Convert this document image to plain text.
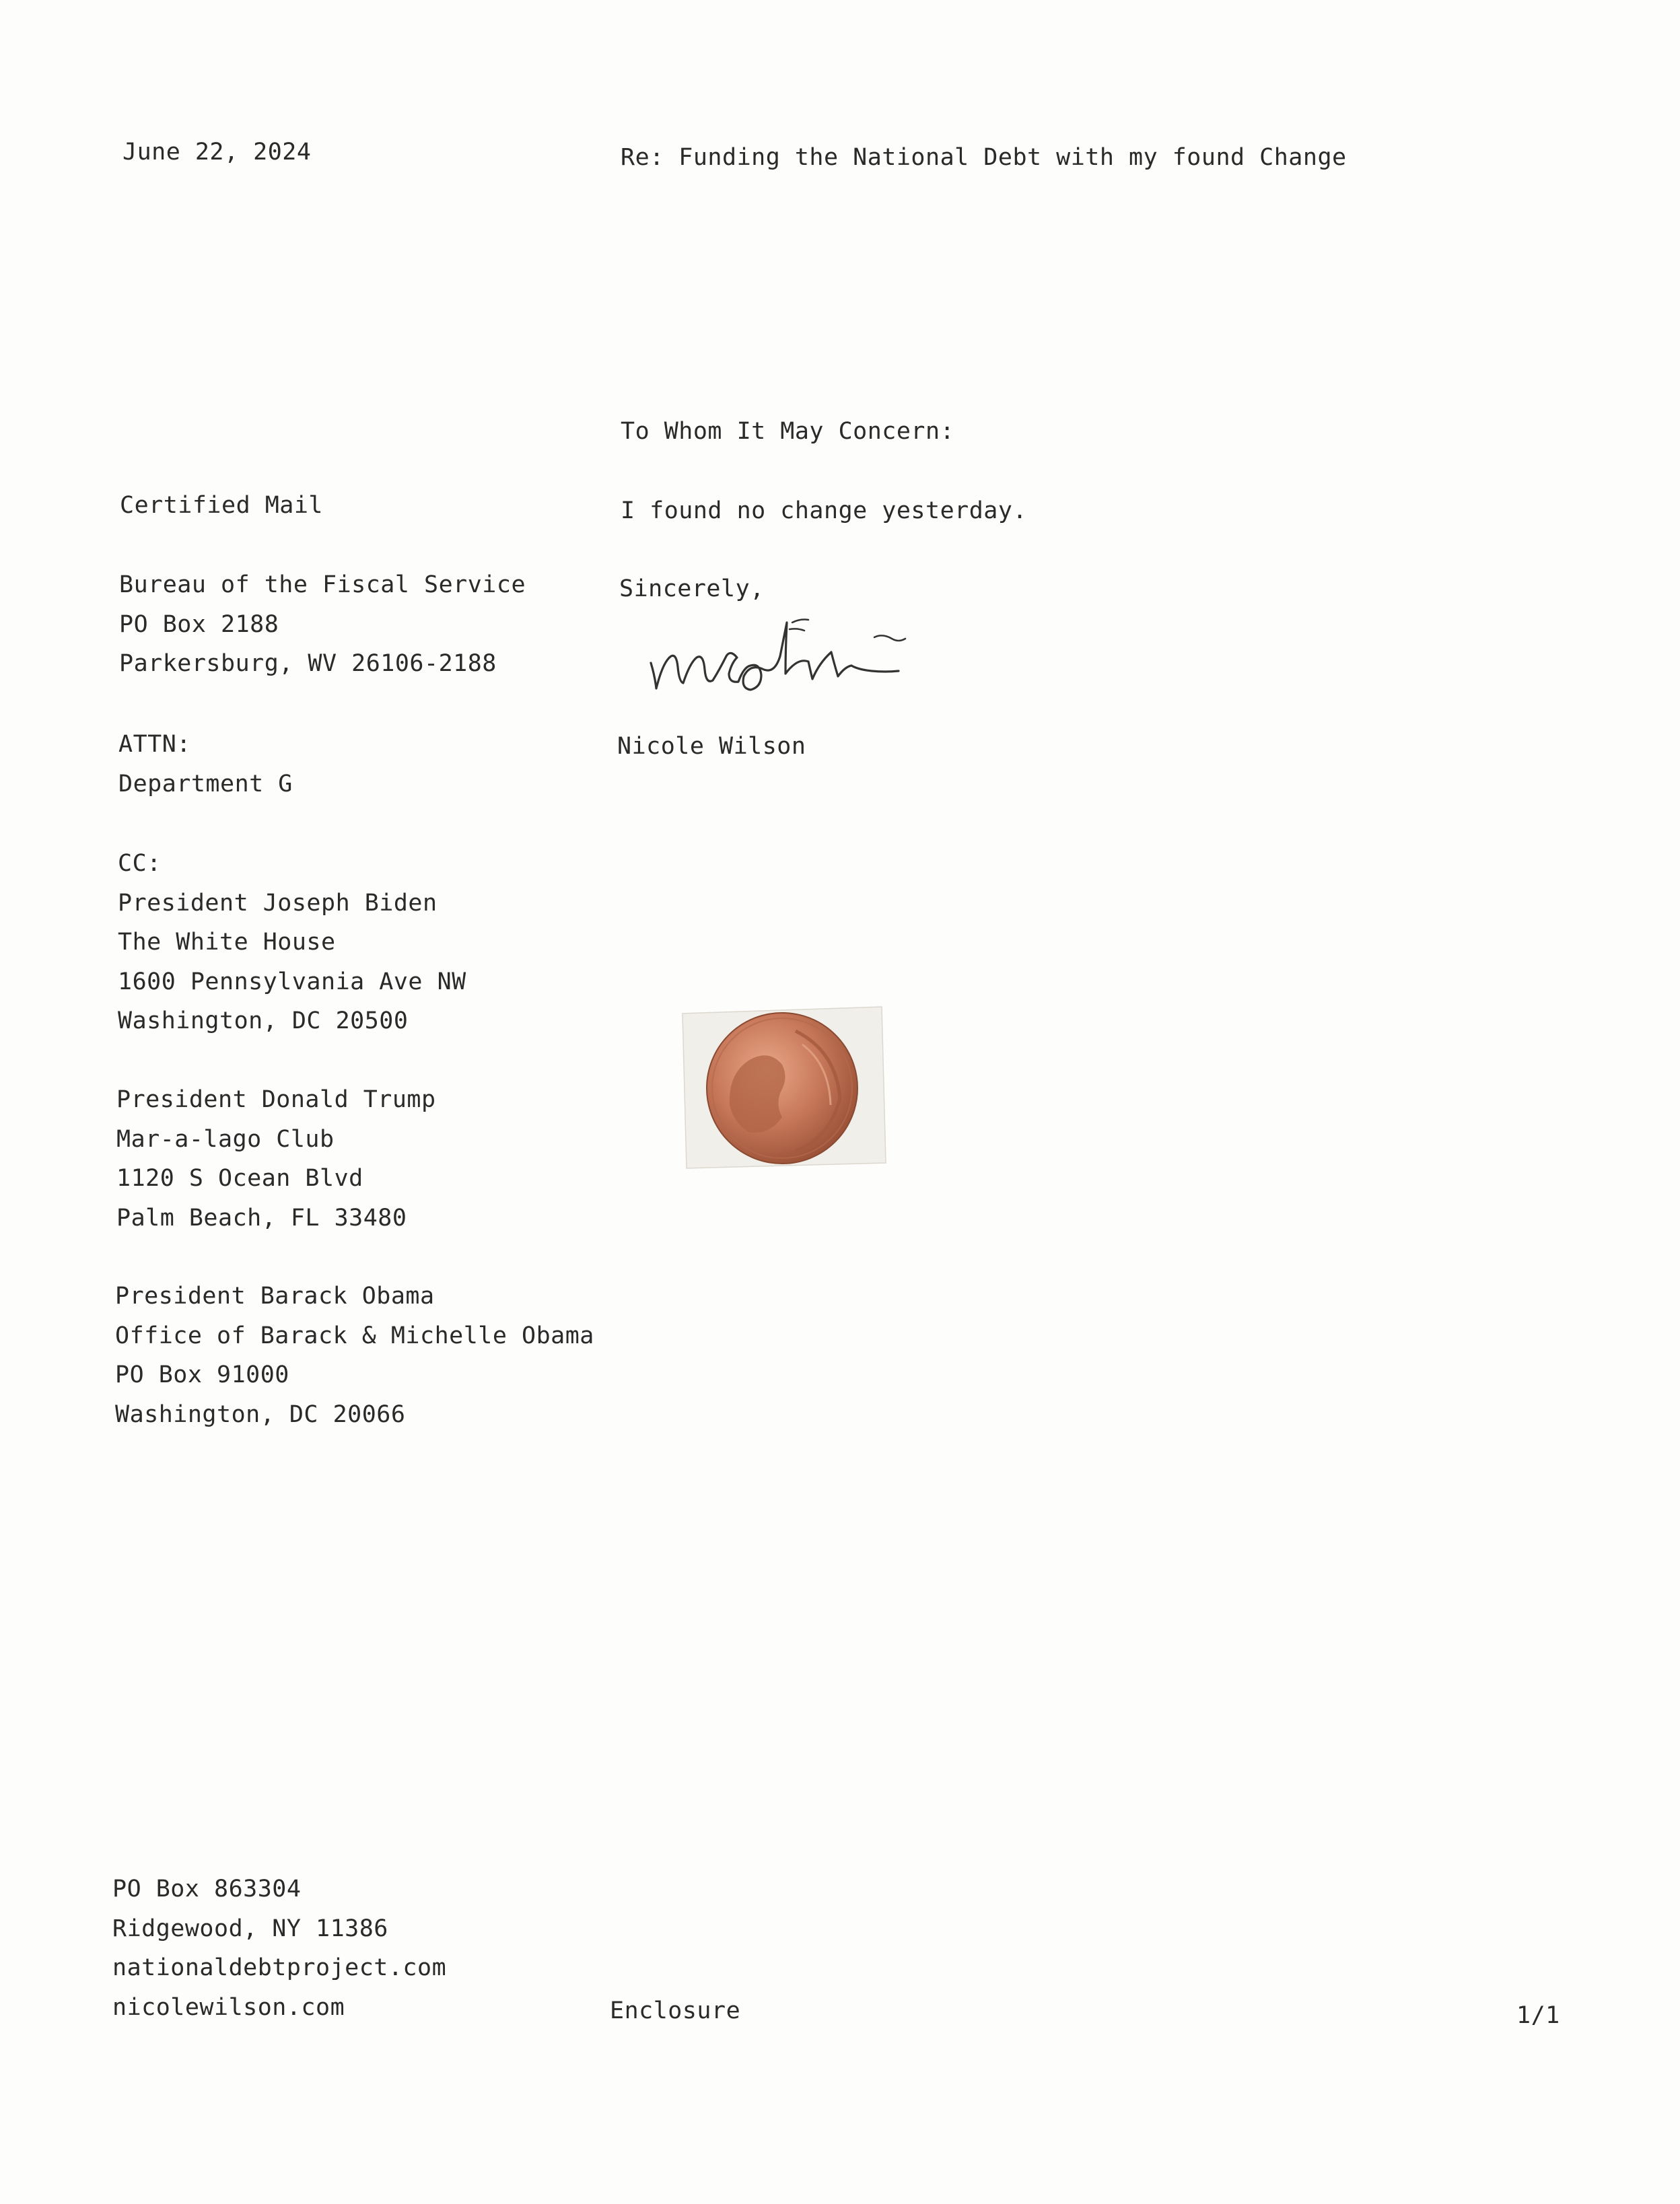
June 22, 2024	Re: Funding the National Debt with my found Change

To Whom It May Concern:

I found no change yesterday.

Sincerely,

Nicole Wilson

Certified Mail

Bureau of the Fiscal Service
PO Box 2188
Parkersburg, WV 26106-2188
ATTN:
Department G
CC:
President Joseph Biden
The White House
1600 Pennsylvania Ave NW
Washington, DC 20500
President Donald Trump
Mar-a-lago Club
1120 S Ocean Blvd
Palm Beach, FL 33480
President Barack Obama
Office of Barack & Michelle Obama
PO Box 91000
Washington, DC 20066
PO Box 863304
Ridgewood, NY 11386
nationaldebtproject.com
nicolewilson.com	Enclosure	1/1
